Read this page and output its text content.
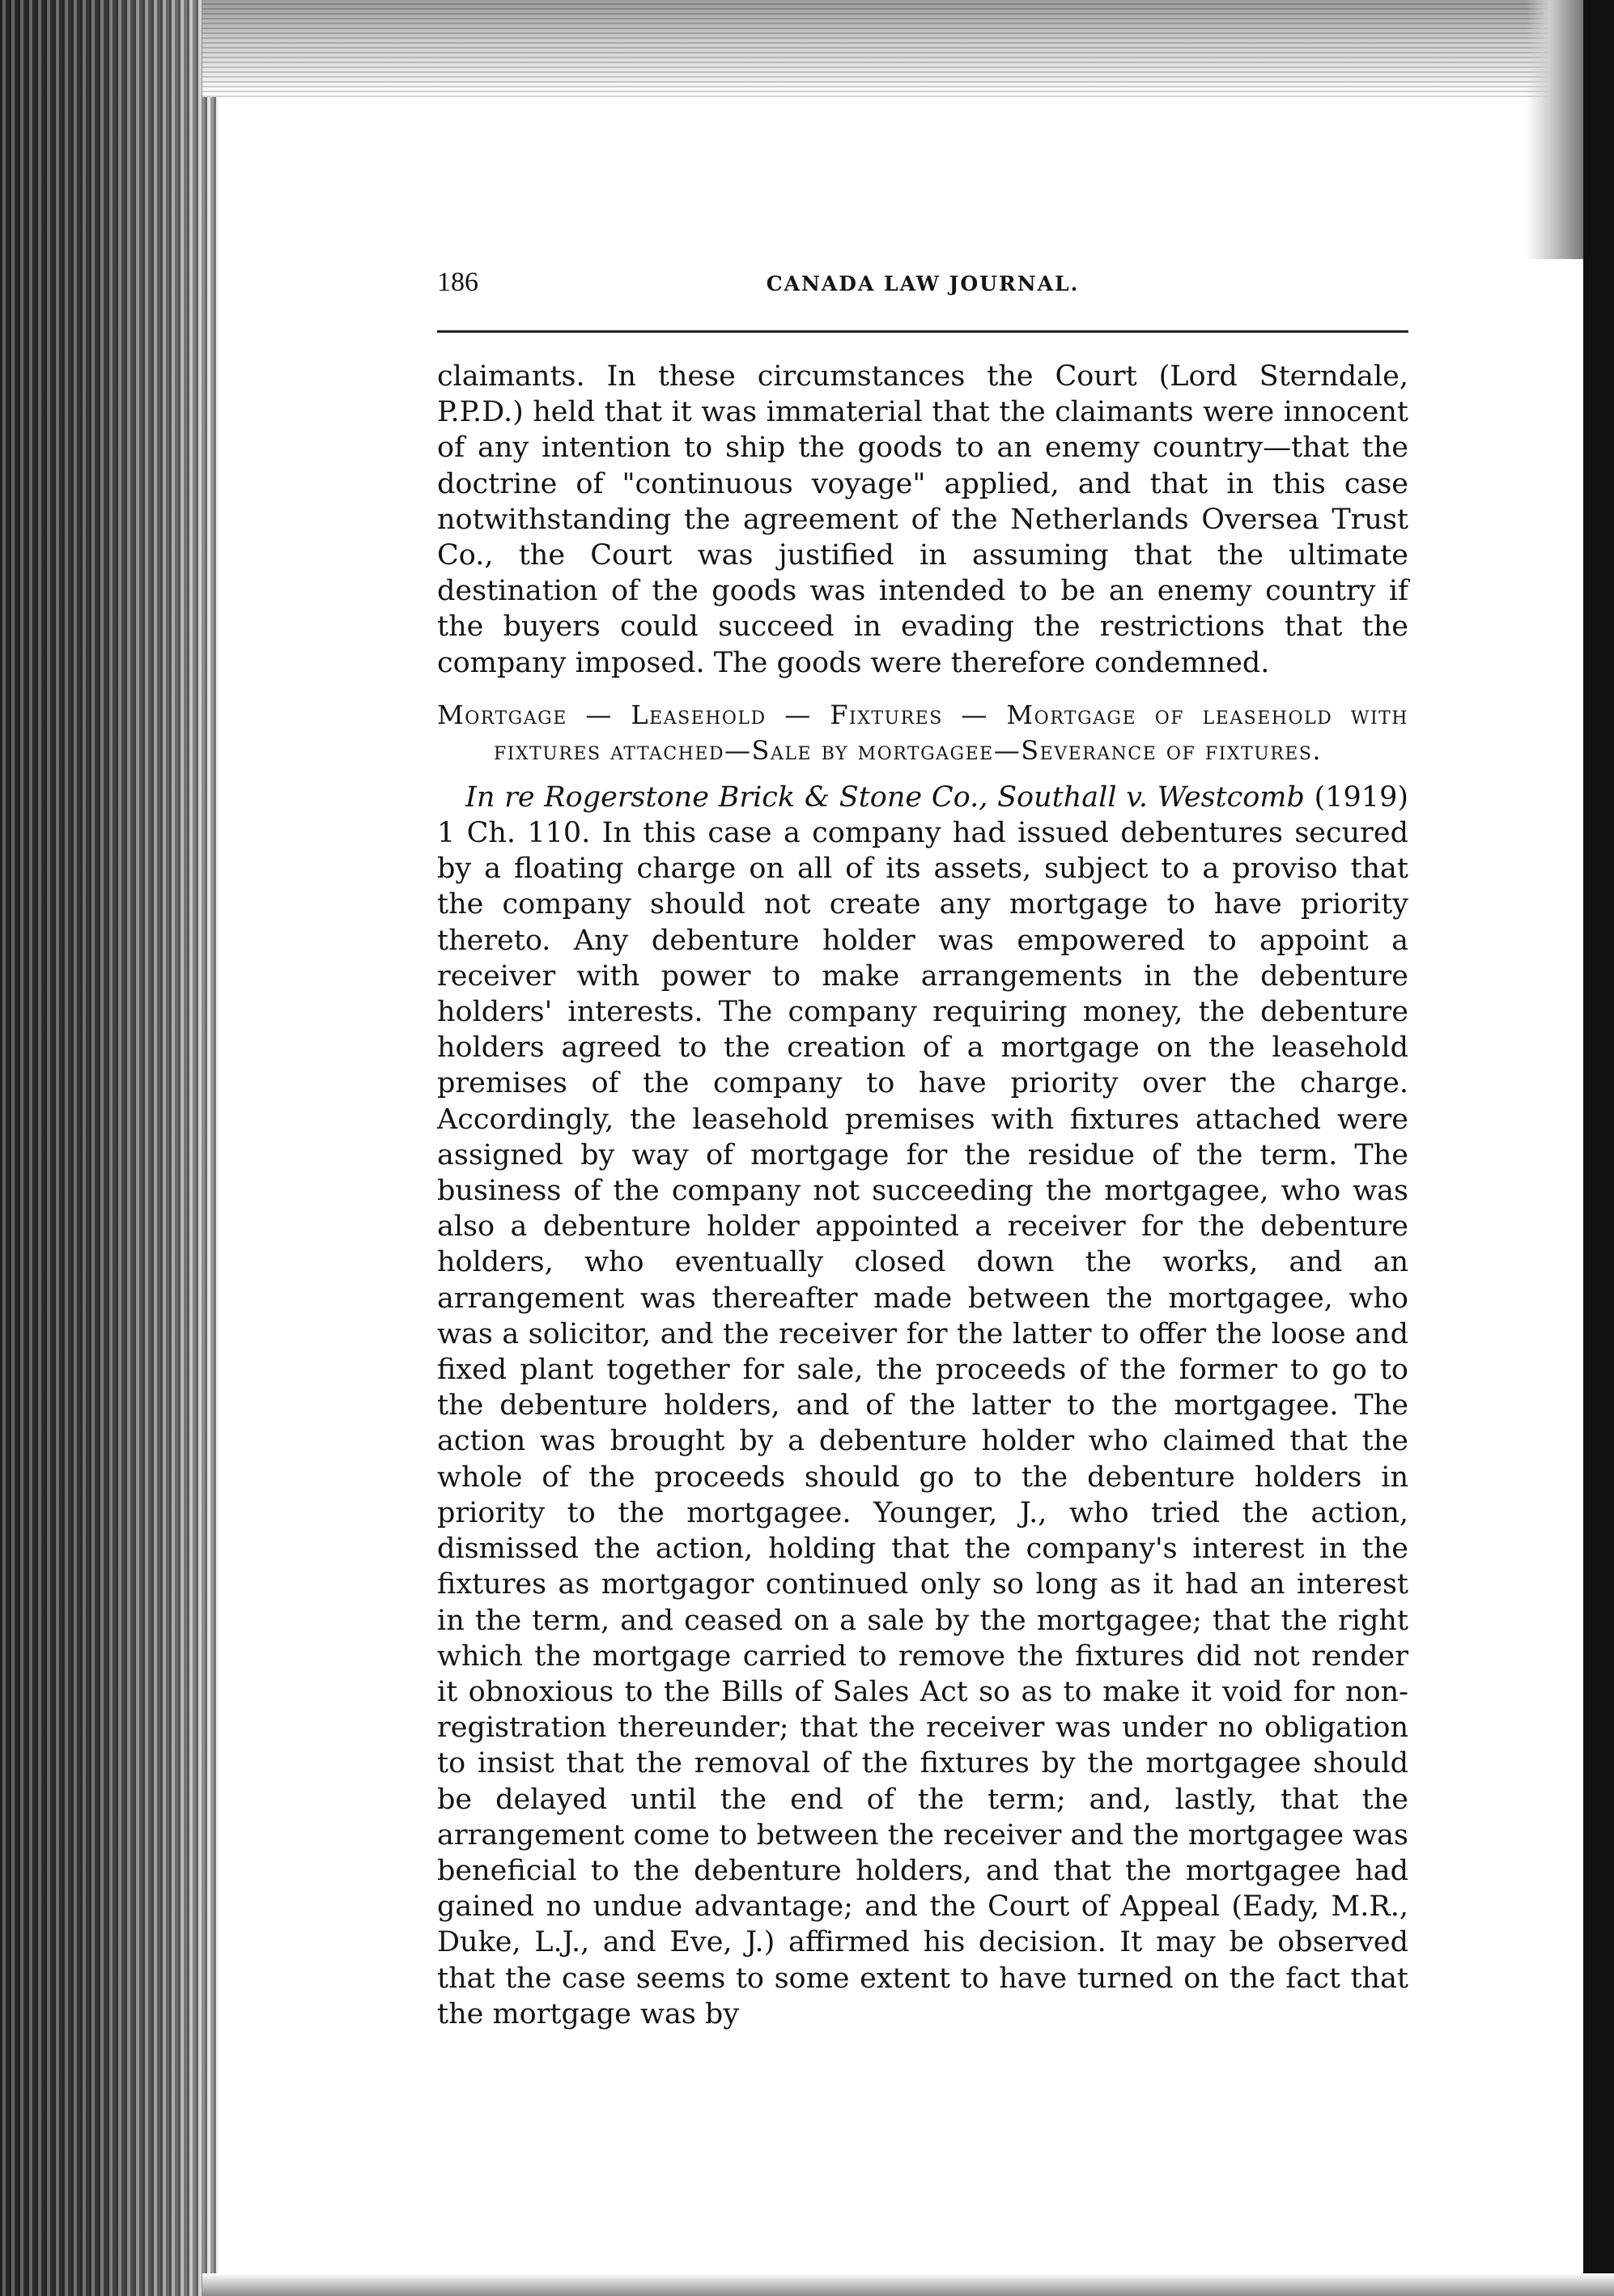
186	CANADA LAW JOURNAL.

claimants. In these circumstances the Court (Lord Sterndale, P.P.D.) held that it was immaterial that the claimants were innocent of any intention to ship the goods to an enemy country—that the doctrine of "continuous voyage" applied, and that in this case notwithstanding the agreement of the Netherlands Oversea Trust Co., the Court was justified in assuming that the ultimate destination of the goods was intended to be an enemy country if the buyers could succeed in evading the restrictions that the company imposed. The goods were therefore condemned.

Mortgage — Leasehold — Fixtures — Mortgage of leasehold with fixtures attached—Sale by mortgagee—Severance of fixtures.

In re Rogerstone Brick & Stone Co., Southall v. Westcomb (1919) 1 Ch. 110. In this case a company had issued debentures secured by a floating charge on all of its assets, subject to a proviso that the company should not create any mortgage to have priority thereto. Any debenture holder was empowered to appoint a receiver with power to make arrangements in the debenture holders' interests. The company requiring money, the debenture holders agreed to the creation of a mortgage on the leasehold premises of the company to have priority over the charge. Accordingly, the leasehold premises with fixtures attached were assigned by way of mortgage for the residue of the term. The business of the company not succeeding the mortgagee, who was also a debenture holder appointed a receiver for the debenture holders, who eventually closed down the works, and an arrangement was thereafter made between the mortgagee, who was a solicitor, and the receiver for the latter to offer the loose and fixed plant together for sale, the proceeds of the former to go to the debenture holders, and of the latter to the mortgagee. The action was brought by a debenture holder who claimed that the whole of the proceeds should go to the debenture holders in priority to the mortgagee. Younger, J., who tried the action, dismissed the action, holding that the company's interest in the fixtures as mortgagor continued only so long as it had an interest in the term, and ceased on a sale by the mortgagee; that the right which the mortgage carried to remove the fixtures did not render it obnoxious to the Bills of Sales Act so as to make it void for non-registration thereunder; that the receiver was under no obligation to insist that the removal of the fixtures by the mortgagee should be delayed until the end of the term; and, lastly, that the arrangement come to between the receiver and the mortgagee was beneficial to the debenture holders, and that the mortgagee had gained no undue advantage; and the Court of Appeal (Eady, M.R., Duke, L.J., and Eve, J.) affirmed his decision. It may be observed that the case seems to some extent to have turned on the fact that the mortgage was by
